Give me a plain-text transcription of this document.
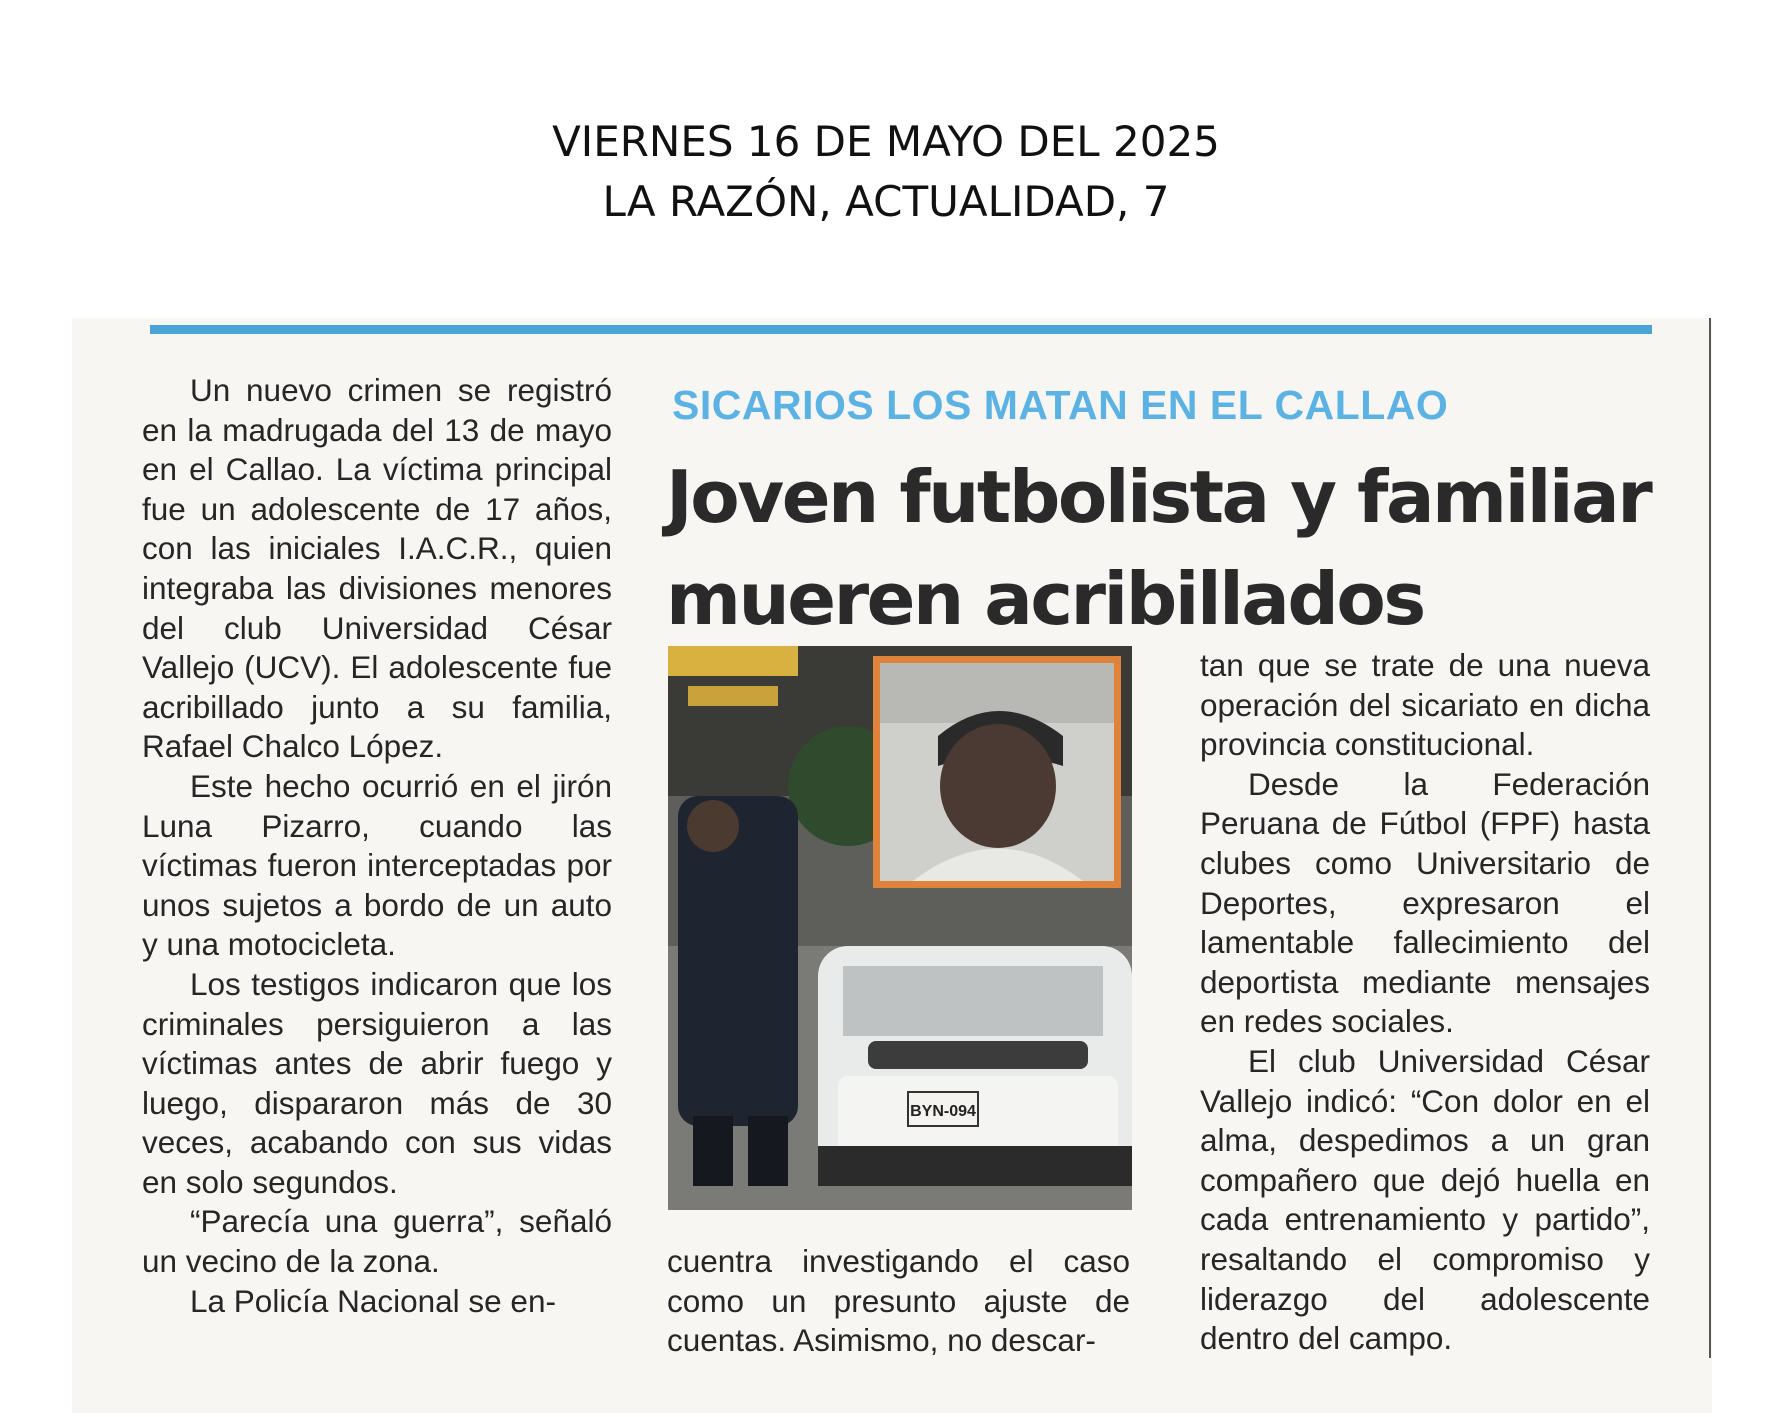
VIERNES 16 DE MAYO DEL 2025
LA RAZÓN, ACTUALIDAD, 7

Un nuevo crimen se registró en la madrugada del 13 de mayo en el Callao. La víctima principal fue un adolescente de 17 años, con las iniciales I.A.C.R., quien integraba las divisiones menores del club Universidad César Vallejo (UCV). El adolescente fue acribillado junto a su familia, Rafael Chalco López.

Este hecho ocurrió en el jirón Luna Pizarro, cuando las víctimas fueron interceptadas por unos sujetos a bordo de un auto y una motocicleta.

Los testigos indicaron que los criminales persiguieron a las víctimas antes de abrir fuego y luego, dispararon más de 30 veces, acabando con sus vidas en solo segundos.

“Parecía una guerra”, señaló un vecino de la zona.

La Policía Nacional se en-

SICARIOS LOS MATAN EN EL CALLAO
Joven futbolista y familiar
mueren acribillados
BYN-094

cuentra investigando el caso como un presunto ajuste de cuentas. Asimismo, no descar-

tan que se trate de una nueva operación del sicariato en dicha provincia constitucional.

Desde la Federación Peruana de Fútbol (FPF) hasta clubes como Universitario de Deportes, expresaron el lamentable fallecimiento del deportista mediante mensajes en redes sociales.

El club Universidad César Vallejo indicó: “Con dolor en el alma, despedimos a un gran compañero que dejó huella en cada entrenamiento y partido”, resaltando el compromiso y liderazgo del adolescente dentro del campo.
